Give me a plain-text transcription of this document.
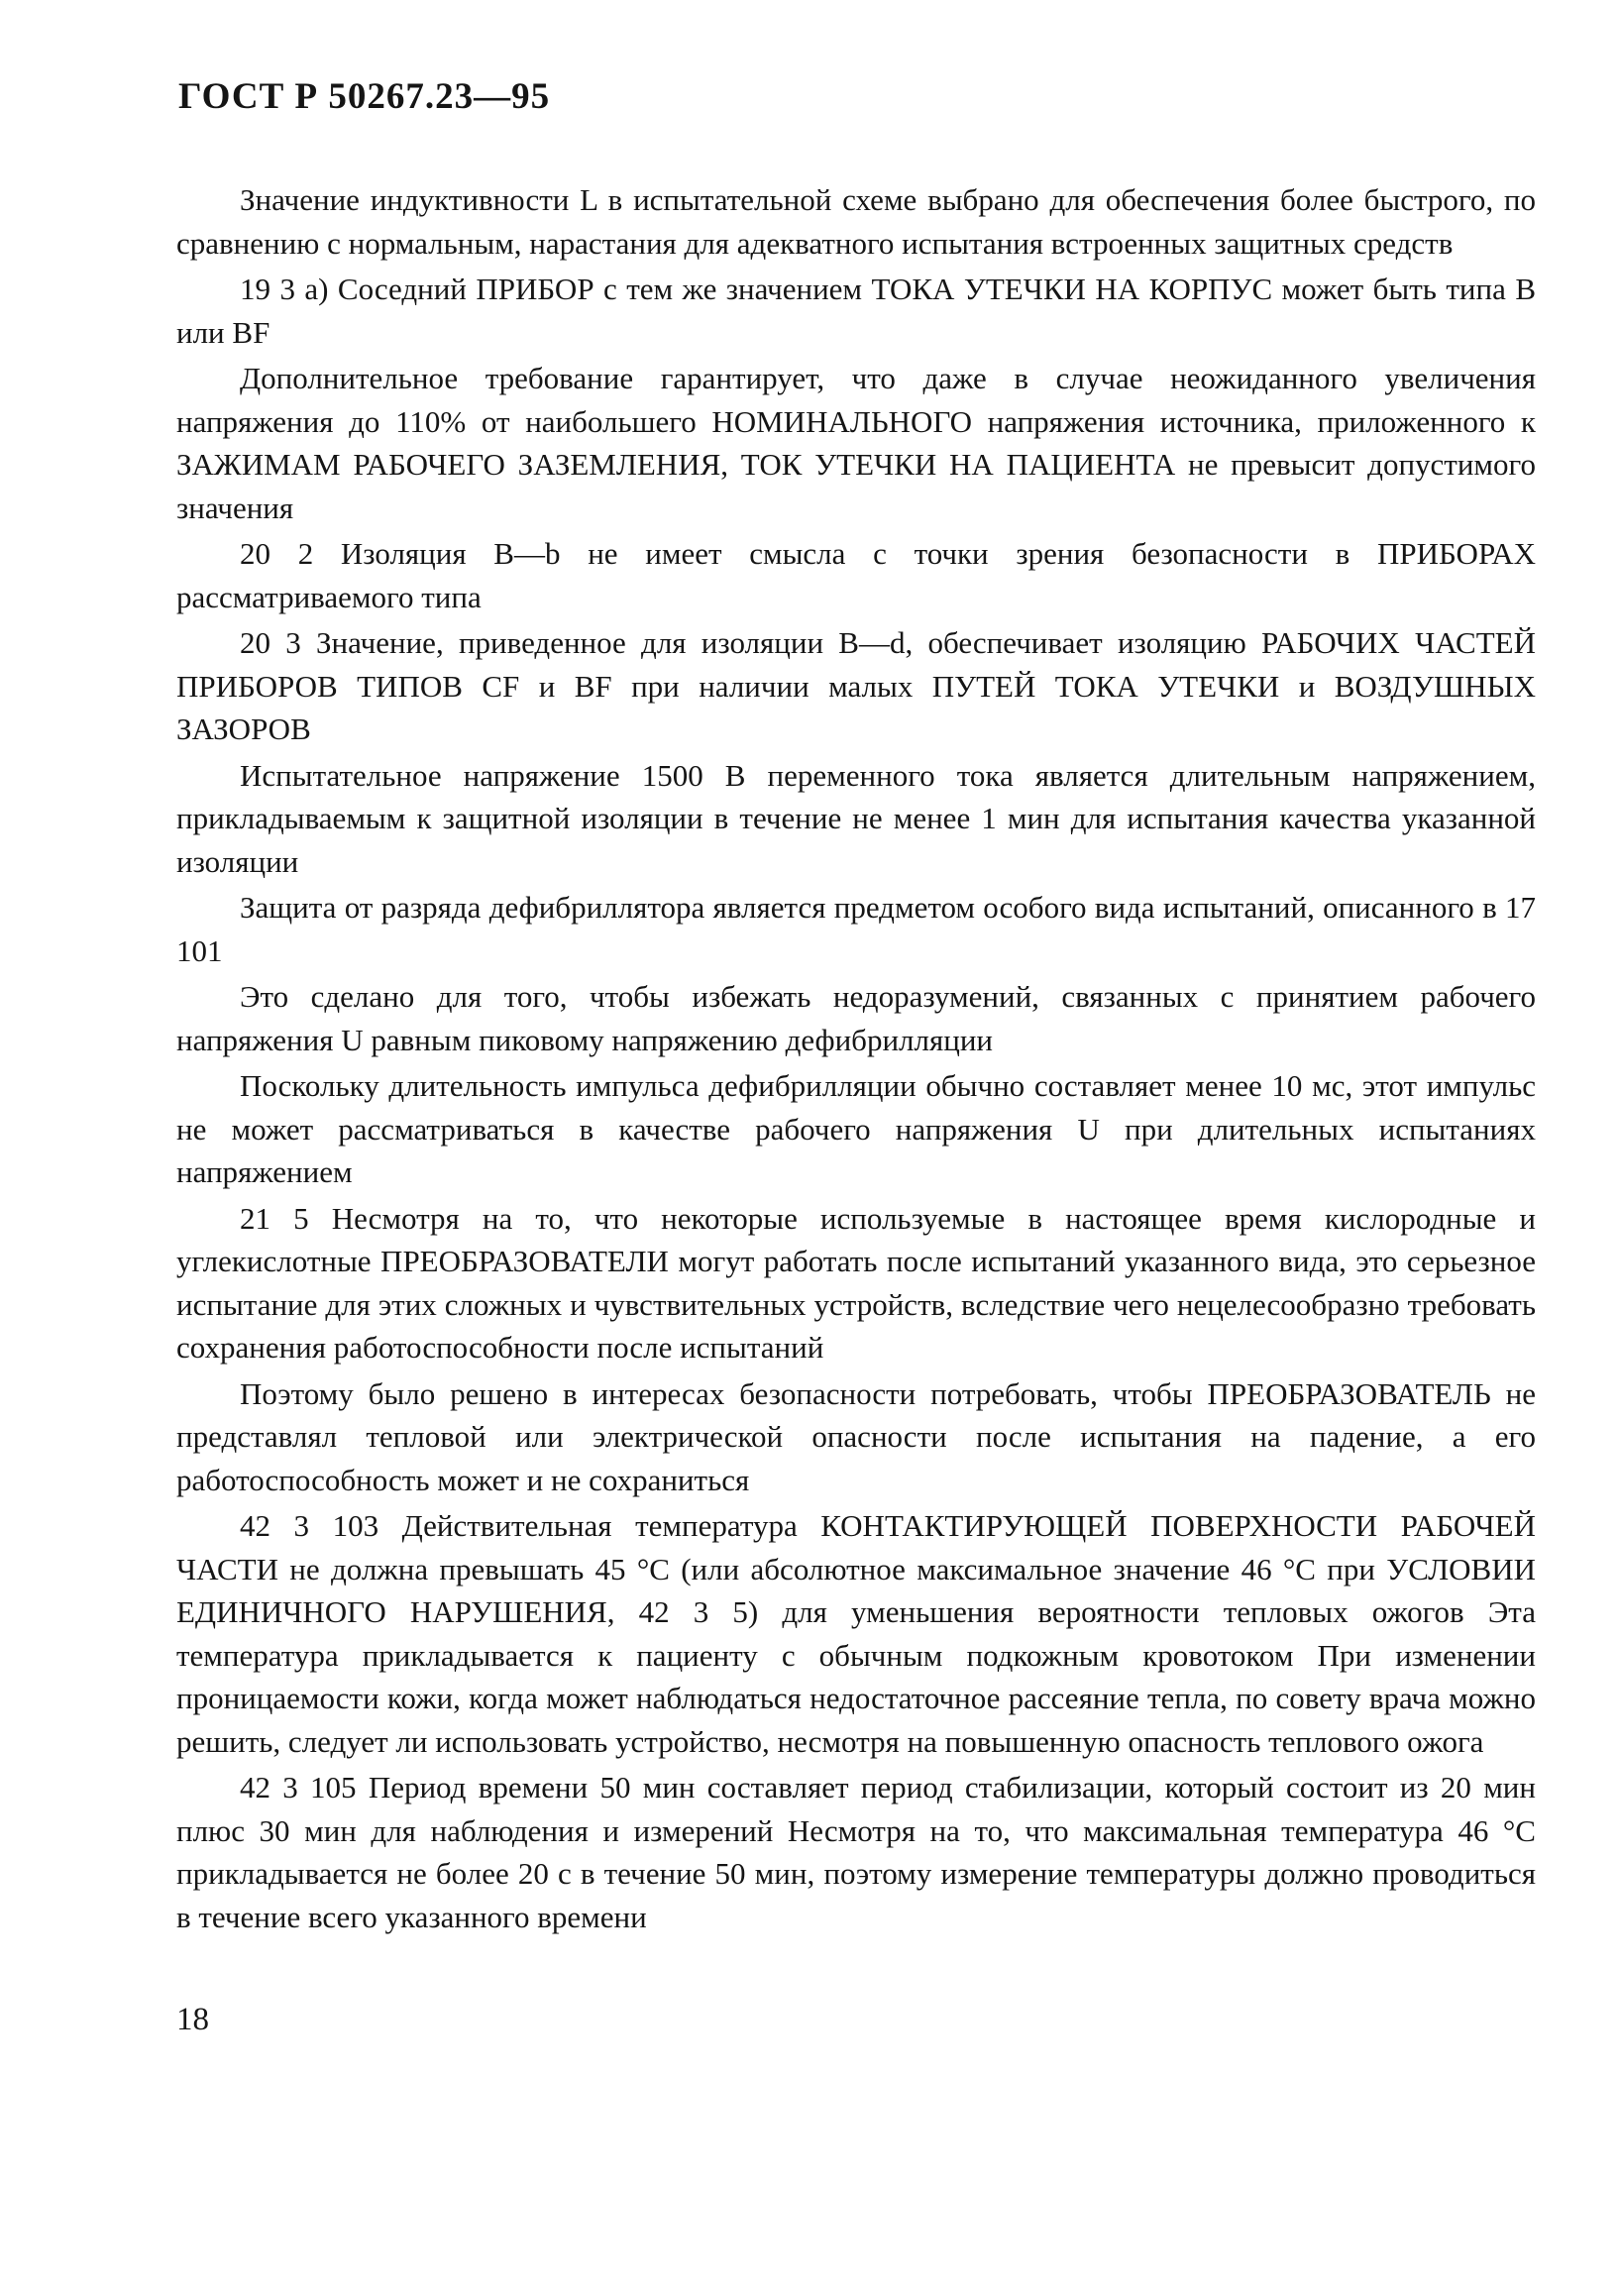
ГОСТ Р 50267.23—95

Значение индуктивности L в испытательной схеме выбрано для обеспечения более быстрого, по сравнению с нормальным, нарастания для адекватного испытания встроенных защитных средств

19 3 а) Соседний ПРИБОР с тем же значением ТОКА УТЕЧКИ НА КОРПУС может быть типа В или BF

Дополнительное требование гарантирует, что даже в случае неожиданного увеличения напряжения до 110% от наибольшего НОМИНАЛЬНОГО напряжения источника, приложенного к ЗАЖИМАМ РАБОЧЕГО ЗАЗЕМЛЕНИЯ, ТОК УТЕЧКИ НА ПАЦИЕНТА не превысит допустимого значения

20 2 Изоляция В—b не имеет смысла с точки зрения безопасности в ПРИБОРАХ рассматриваемого типа

20 3 Значение, приведенное для изоляции В—d, обеспечивает изоляцию РАБОЧИХ ЧАСТЕЙ ПРИБОРОВ ТИПОВ CF и BF при наличии малых ПУТЕЙ ТОКА УТЕЧКИ и ВОЗДУШНЫХ ЗАЗОРОВ

Испытательное напряжение 1500 В переменного тока является длительным напряжением, прикладываемым к защитной изоляции в течение не менее 1 мин для испытания качества указанной изоляции

Защита от разряда дефибриллятора является предметом особого вида испытаний, описанного в 17 101

Это сделано для того, чтобы избежать недоразумений, связанных с принятием рабочего напряжения U равным пиковому напряжению дефибрилляции

Поскольку длительность импульса дефибрилляции обычно составляет менее 10 мс, этот импульс не может рассматриваться в качестве рабочего напряжения U при длительных испытаниях напряжением

21 5 Несмотря на то, что некоторые используемые в настоящее время кислородные и углекислотные ПРЕОБРАЗОВАТЕЛИ могут работать после испытаний указанного вида, это серьезное испытание для этих сложных и чувствительных устройств, вследствие чего нецелесообразно требовать сохранения работоспособности после испытаний

Поэтому было решено в интересах безопасности потребовать, чтобы ПРЕОБРАЗОВАТЕЛЬ не представлял тепловой или электрической опасности после испытания на падение, а его работоспособность может и не сохраниться

42 3 103 Действительная температура КОНТАКТИРУЮЩЕЙ ПОВЕРХНОСТИ РАБОЧЕЙ ЧАСТИ не должна превышать 45 °С (или абсолютное максимальное значение 46 °С при УСЛОВИИ ЕДИНИЧНОГО НАРУШЕНИЯ, 42 3 5) для уменьшения вероятности тепловых ожогов Эта температура прикладывается к пациенту с обычным подкожным кровотоком При изменении проницаемости кожи, когда может наблюдаться недостаточное рассеяние тепла, по совету врача можно решить, следует ли использовать устройство, несмотря на повышенную опасность теплового ожога

42 3 105 Период времени 50 мин составляет период стабилизации, который состоит из 20 мин плюс 30 мин для наблюдения и измерений Несмотря на то, что максимальная температура 46 °С прикладывается не более 20 с в течение 50 мин, поэтому измерение температуры должно проводиться в течение всего указанного времени

18
